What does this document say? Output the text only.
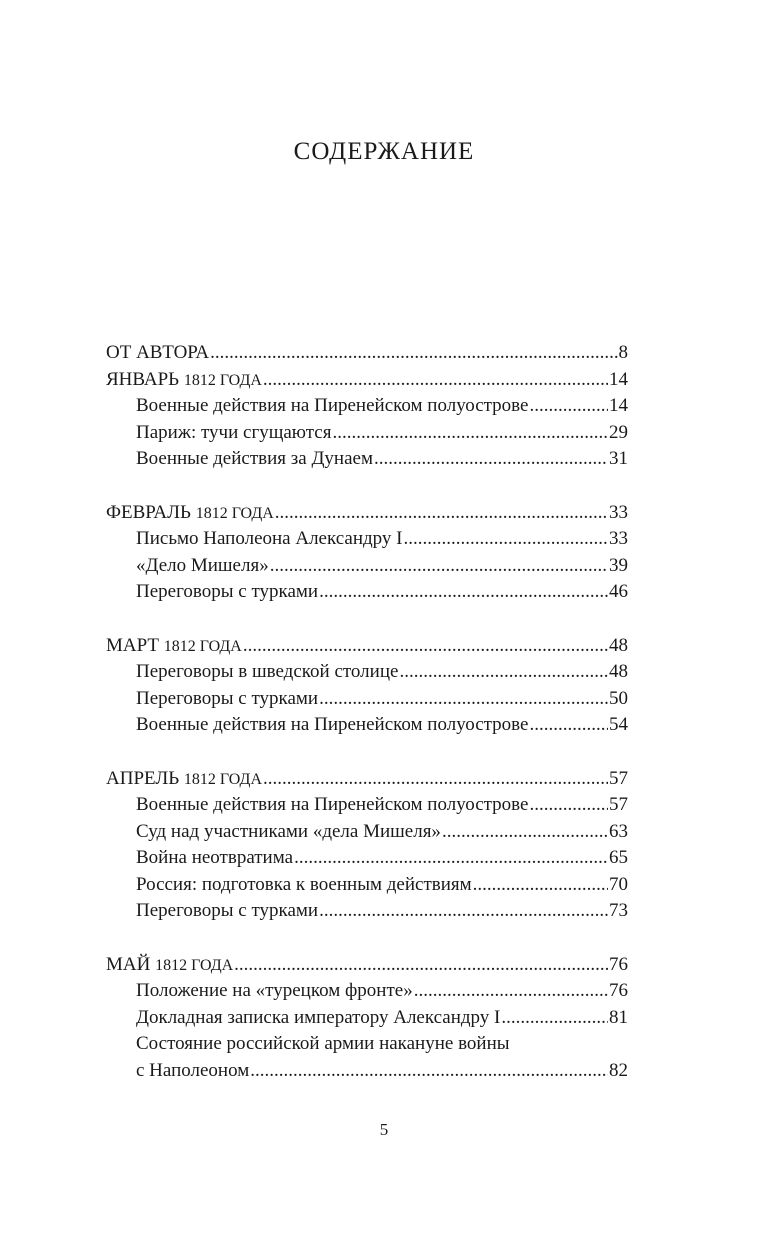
СОДЕРЖАНИЕ
ОТ АВТОРА .....	8
ЯНВАРЬ 1812 ГОДА .....	14
Военные действия на Пиренейском полуострове .....	14
Париж: тучи сгущаются .....	29
Военные действия за Дунаем .....	31
ФЕВРАЛЬ 1812 ГОДА .....	33
Письмо Наполеона Александру I .....	33
«Дело Мишеля» .....	39
Переговоры с турками .....	46
МАРТ 1812 ГОДА .....	48
Переговоры в шведской столице .....	48
Переговоры с турками .....	50
Военные действия на Пиренейском полуострове .....	54
АПРЕЛЬ 1812 ГОДА .....	57
Военные действия на Пиренейском полуострове .....	57
Суд над участниками «дела Мишеля» .....	63
Война неотвратима .....	65
Россия: подготовка к военным действиям .....	70
Переговоры с турками .....	73
МАЙ 1812 ГОДА .....	76
Положение на «турецком фронте» .....	76
Докладная записка императору Александру I .....	81
Состояние российской армии накануне войны
с Наполеоном .....	82
5
